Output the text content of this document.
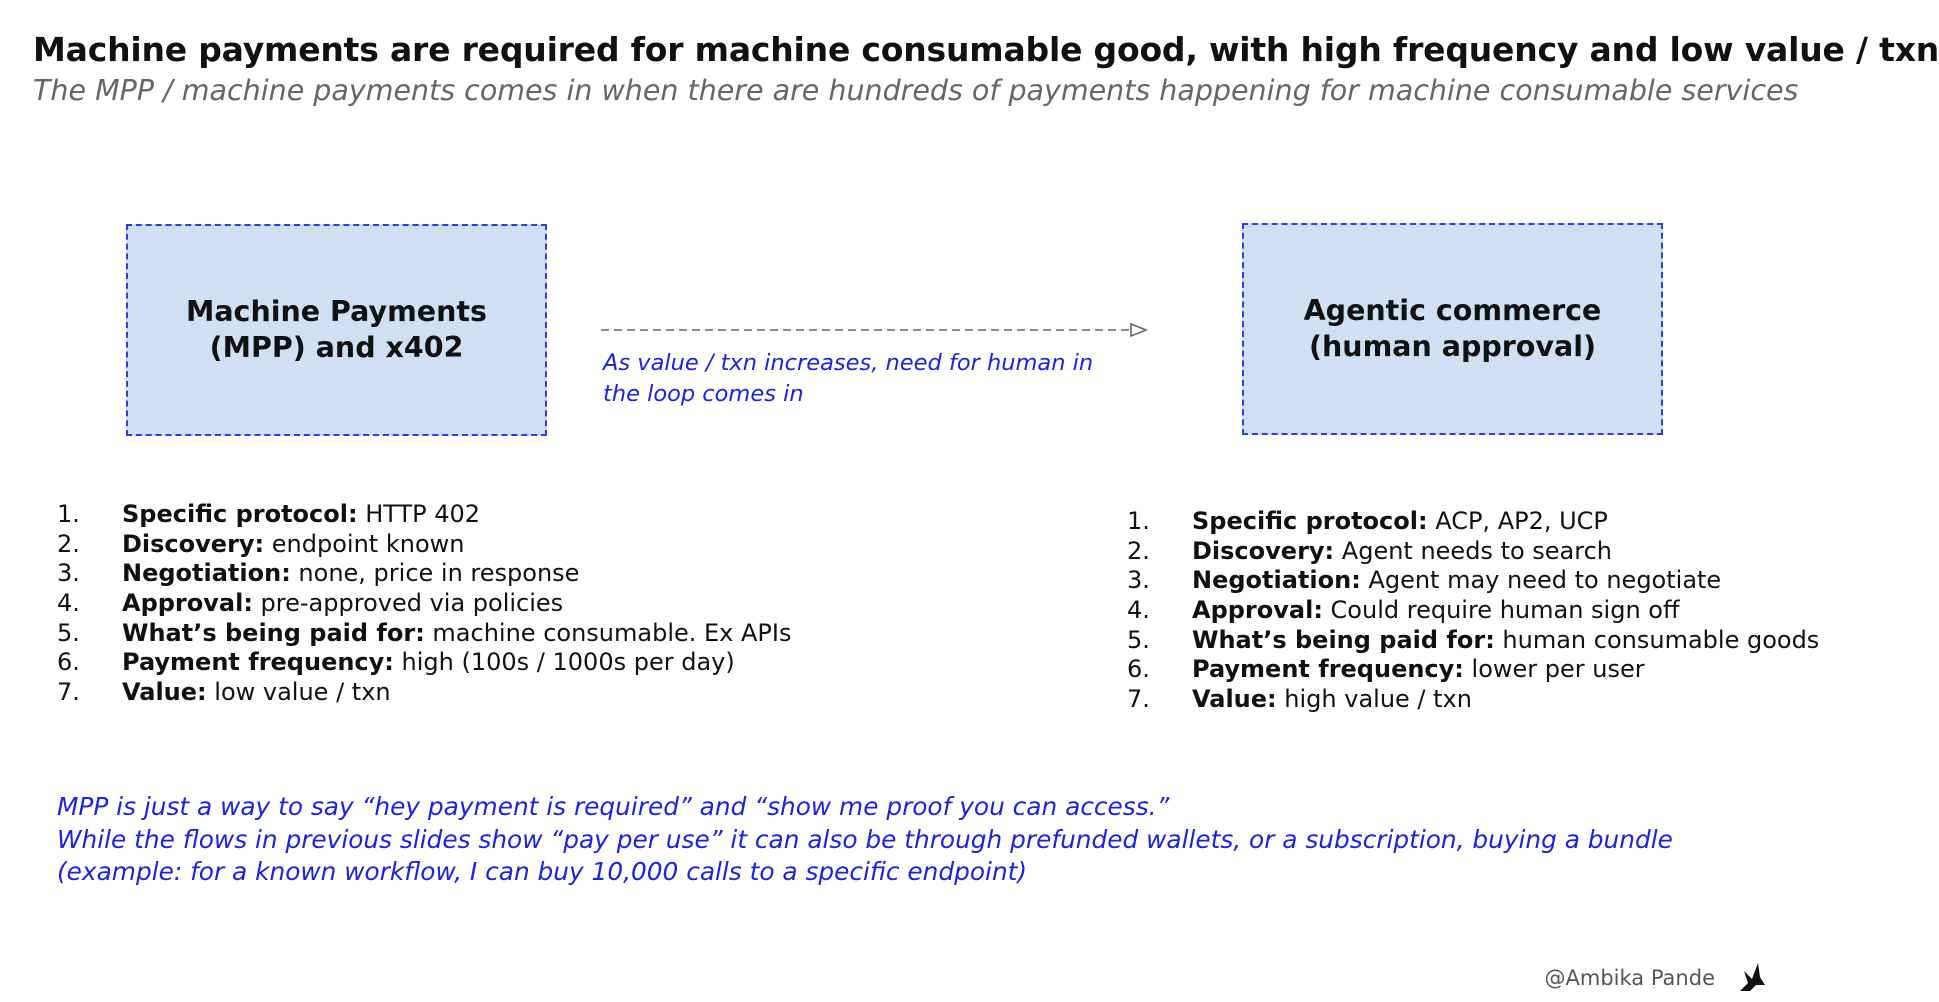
Machine payments are required for machine consumable good, with high frequency and low value / txn
The MPP / machine payments comes in when there are hundreds of payments happening for machine consumable services
Machine Payments
(MPP) and x402	As value / txn increases, need for human in the loop comes in
Agentic commerce
(human approval)
1.	Specific protocol: HTTP 402
2.	Discovery: endpoint known
3.	Negotiation: none, price in response
4.	Approval: pre-approved via policies
5.	What’s being paid for: machine consumable. Ex APIs
6.	Payment frequency: high (100s / 1000s per day)
7.	Value: low value / txn
1.	Specific protocol: ACP, AP2, UCP
2.	Discovery: Agent needs to search
3.	Negotiation: Agent may need to negotiate
4.	Approval: Could require human sign off
5.	What’s being paid for: human consumable goods
6.	Payment frequency: lower per user
7.	Value: high value / txn
MPP is just a way to say “hey payment is required” and “show me proof you can access.”
While the flows in previous slides show “pay per use” it can also be through prefunded wallets, or a subscription, buying a bundle
(example: for a known workflow, I can buy 10,000 calls to a specific endpoint)
@Ambika Pande
